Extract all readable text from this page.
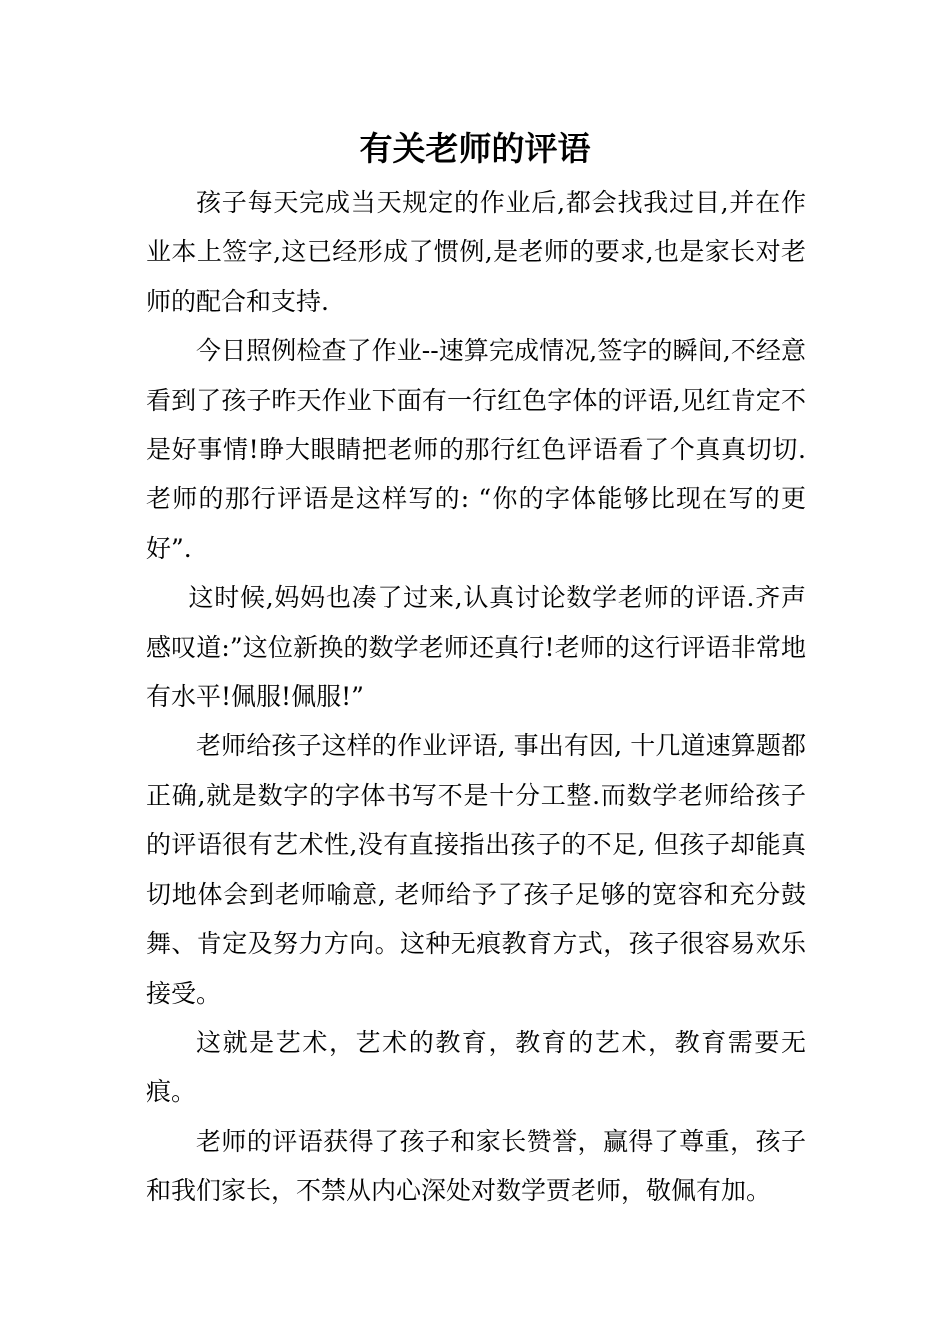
有关老师的评语

孩子每天完成当天规定的作业后,都会找我过目,并在作业本上签字,这已经形成了惯例,是老师的要求,也是家长对老师的配合和支持.

今日照例检查了作业--速算完成情况,签字的瞬间,不经意看到了孩子昨天作业下面有一行红色字体的评语,见红肯定不是好事情!睁大眼睛把老师的那行红色评语看了个真真切切.老师的那行评语是这样写的: “你的字体能够比现在写的更好”.

这时候,妈妈也凑了过来,认真讨论数学老师的评语.齐声感叹道:”这位新换的数学老师还真行!老师的这行评语非常地有水平!佩服!佩服!”

老师给孩子这样的作业评语, 事出有因, 十几道速算题都正确,就是数字的字体书写不是十分工整.而数学老师给孩子的评语很有艺术性,没有直接指出孩子的不足, 但孩子却能真切地体会到老师喻意, 老师给予了孩子足够的宽容和充分鼓舞、肯定及努力方向。这种无痕教育方式，孩子很容易欢乐接受。

这就是艺术，艺术的教育，教育的艺术，教育需要无痕。

老师的评语获得了孩子和家长赞誉，赢得了尊重，孩子和我们家长，不禁从内心深处对数学贾老师，敬佩有加。
